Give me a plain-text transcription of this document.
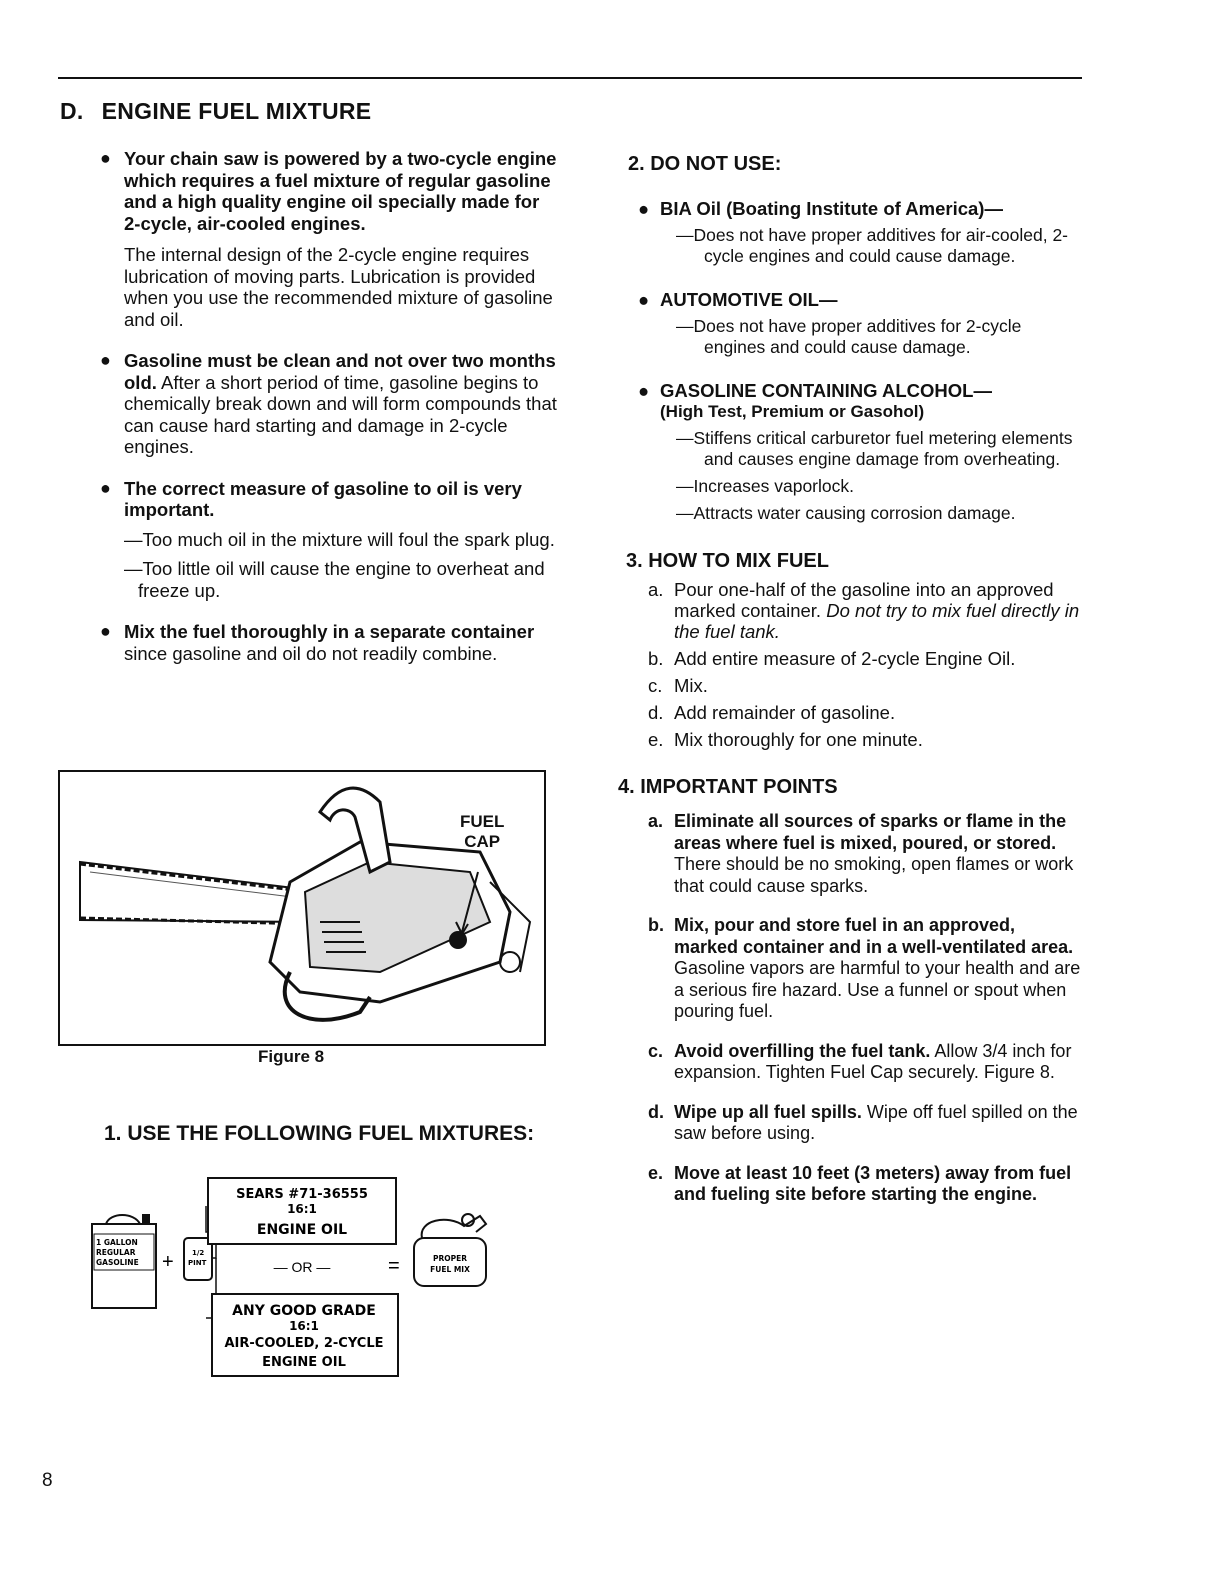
D. ENGINE FUEL MIXTURE
● Your chain saw is powered by a two-cycle engine which requires a fuel mixture of regular gasoline and a high quality engine oil specially made for 2-cycle, air-cooled engines.
The internal design of the 2-cycle engine requires lubrication of moving parts. Lubrication is provided when you use the recommended mixture of gasoline and oil.
● Gasoline must be clean and not over two months old. After a short period of time, gasoline begins to chemically break down and will form compounds that can cause hard starting and damage in 2-cycle engines.
● The correct measure of gasoline to oil is very important.
—Too much oil in the mixture will foul the spark plug.
—Too little oil will cause the engine to overheat and freeze up.
● Mix the fuel thoroughly in a separate container since gasoline and oil do not readily combine.
FUEL
CAP
Figure 8
1. USE THE FOLLOWING FUEL MIXTURES:
1 GALLON
REGULAR
GASOLINE +	1/2
PINT
SEARS #71-36555
16:1
ENGINE OIL
— OR —	=
ANY GOOD GRADE
16:1
AIR-COOLED, 2-CYCLE
ENGINE OIL
PROPER
FUEL MIX
2. DO NOT USE:
● BIA Oil (Boating Institute of America)—
—Does not have proper additives for air-cooled, 2-cycle engines and could cause damage.
● AUTOMOTIVE OIL—
—Does not have proper additives for 2-cycle engines and could cause damage.
● GASOLINE CONTAINING ALCOHOL—
(High Test, Premium or Gasohol)
—Stiffens critical carburetor fuel metering elements and causes engine damage from overheating.
—Increases vaporlock.
—Attracts water causing corrosion damage.
3. HOW TO MIX FUEL
a. Pour one-half of the gasoline into an approved marked container. Do not try to mix fuel directly in the fuel tank.
b. Add entire measure of 2-cycle Engine Oil.
c. Mix.
d. Add remainder of gasoline.
e. Mix thoroughly for one minute.
4. IMPORTANT POINTS
a. Eliminate all sources of sparks or flame in the areas where fuel is mixed, poured, or stored. There should be no smoking, open flames or work that could cause sparks.
b. Mix, pour and store fuel in an approved, marked container and in a well-ventilated area. Gasoline vapors are harmful to your health and are a serious fire hazard. Use a funnel or spout when pouring fuel.
c. Avoid overfilling the fuel tank. Allow 3/4 inch for expansion. Tighten Fuel Cap securely. Figure 8.
d. Wipe up all fuel spills. Wipe off fuel spilled on the saw before using.
e. Move at least 10 feet (3 meters) away from fuel and fueling site before starting the engine.
8
